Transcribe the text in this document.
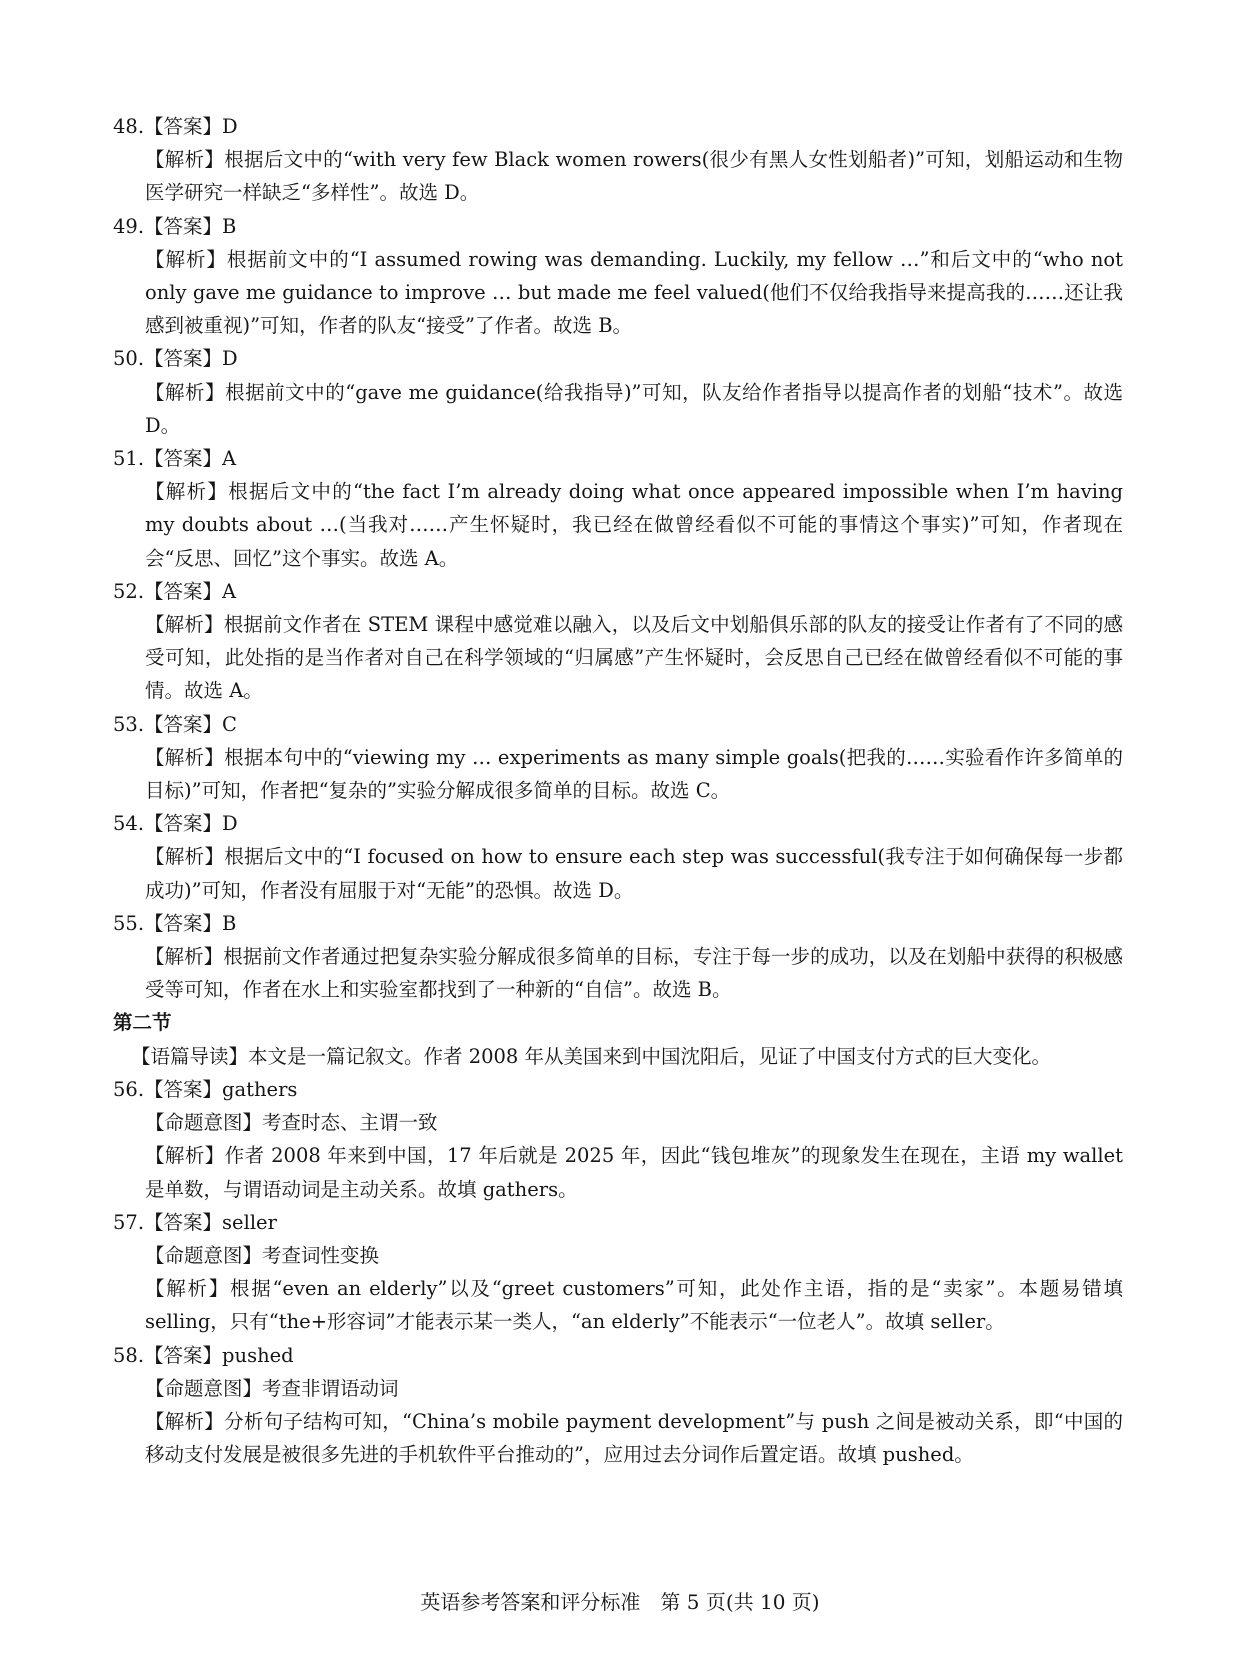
48.【答案】D
【解析】根据后文中的“with very few Black women rowers(很少有黑人女性划船者)”可知，划船运动和生物医学研究一样缺乏“多样性”。故选 D。
49.【答案】B
【解析】根据前文中的“I assumed rowing was demanding. Luckily, my fellow …”和后文中的“who not only gave me guidance to improve … but made me feel valued(他们不仅给我指导来提高我的……还让我感到被重视)”可知，作者的队友“接受”了作者。故选 B。
50.【答案】D
【解析】根据前文中的“gave me guidance(给我指导)”可知，队友给作者指导以提高作者的划船“技术”。故选 D。
51.【答案】A
【解析】根据后文中的“the fact I’m already doing what once appeared impossible when I’m having my doubts about …(当我对……产生怀疑时，我已经在做曾经看似不可能的事情这个事实)”可知，作者现在会“反思、回忆”这个事实。故选 A。
52.【答案】A
【解析】根据前文作者在 STEM 课程中感觉难以融入，以及后文中划船俱乐部的队友的接受让作者有了不同的感受可知，此处指的是当作者对自己在科学领域的“归属感”产生怀疑时，会反思自己已经在做曾经看似不可能的事情。故选 A。
53.【答案】C
【解析】根据本句中的“viewing my … experiments as many simple goals(把我的……实验看作许多简单的目标)”可知，作者把“复杂的”实验分解成很多简单的目标。故选 C。
54.【答案】D
【解析】根据后文中的“I focused on how to ensure each step was successful(我专注于如何确保每一步都成功)”可知，作者没有屈服于对“无能”的恐惧。故选 D。
55.【答案】B
【解析】根据前文作者通过把复杂实验分解成很多简单的目标，专注于每一步的成功，以及在划船中获得的积极感受等可知，作者在水上和实验室都找到了一种新的“自信”。故选 B。
第二节
【语篇导读】本文是一篇记叙文。作者 2008 年从美国来到中国沈阳后，见证了中国支付方式的巨大变化。
56.【答案】gathers
【命题意图】考查时态、主谓一致
【解析】作者 2008 年来到中国，17 年后就是 2025 年，因此“钱包堆灰”的现象发生在现在，主语 my wallet 是单数，与谓语动词是主动关系。故填 gathers。
57.【答案】seller
【命题意图】考查词性变换
【解析】根据“even an elderly”以及“greet customers”可知，此处作主语，指的是“卖家”。本题易错填 selling，只有“the+形容词”才能表示某一类人，“an elderly”不能表示“一位老人”。故填 seller。
58.【答案】pushed
【命题意图】考查非谓语动词
【解析】分析句子结构可知，“China’s mobile payment development”与 push 之间是被动关系，即“中国的移动支付发展是被很多先进的手机软件平台推动的”，应用过去分词作后置定语。故填 pushed。
英语参考答案和评分标准　第 5 页(共 10 页)
